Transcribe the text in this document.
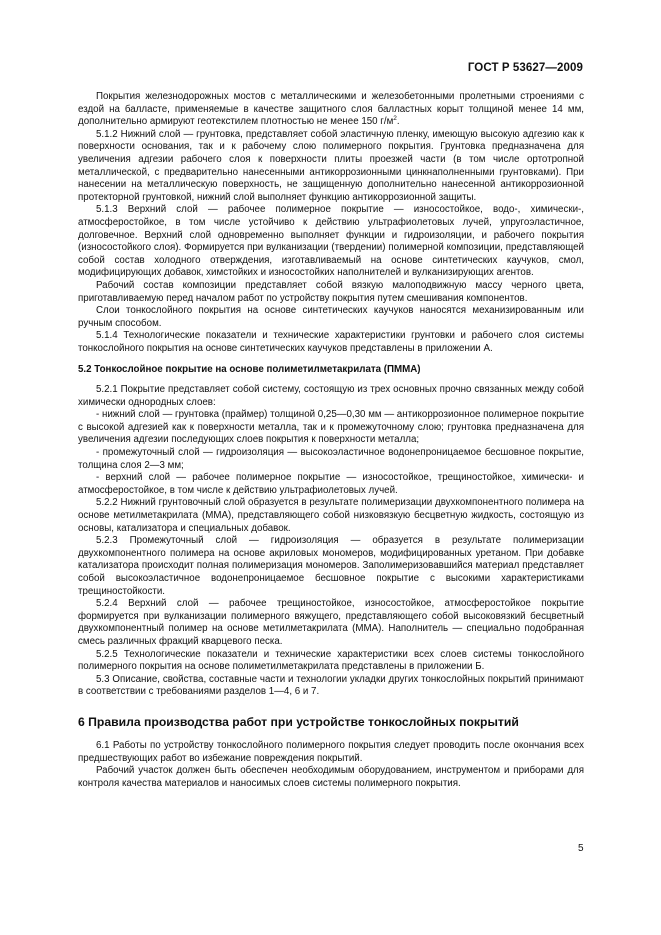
ГОСТ Р 53627—2009

Покрытия железнодорожных мостов с металлическими и железобетонными пролетными строениями с ездой на балласте, применяемые в качестве защитного слоя балластных корыт толщиной менее 14 мм, дополнительно армируют геотекстилем плотностью не менее 150 $г/м^2$.

5.1.2 Нижний слой — грунтовка, представляет собой эластичную пленку, имеющую высокую адгезию как к поверхности основания, так и к рабочему слою полимерного покрытия. Грунтовка предназначена для увеличения адгезии рабочего слоя к поверхности плиты проезжей части (в том числе ортотропной металлической, с предварительно нанесенными антикоррозионными цинкнаполненными грунтовками). При нанесении на металлическую поверхность, не защищенную дополнительно нанесенной антикоррозионной протекторной грунтовкой, нижний слой выполняет функцию антикоррозионной защиты.

5.1.3 Верхний слой — рабочее полимерное покрытие — износостойкое, водо-, химически-, атмосферостойкое, в том числе устойчиво к действию ультрафиолетовых лучей, упругоэластичное, долговечное. Верхний слой одновременно выполняет функции и гидроизоляции, и рабочего покрытия (износостойкого слоя). Формируется при вулканизации (твердении) полимерной композиции, представляющей собой состав холодного отверждения, изготавливаемый на основе синтетических каучуков, смол, модифицирующих добавок, химстойких и износостойких наполнителей и вулканизирующих агентов.

Рабочий состав композиции представляет собой вязкую малоподвижную массу черного цвета, приготавливаемую перед началом работ по устройству покрытия путем смешивания компонентов.

Слои тонкослойного покрытия на основе синтетических каучуков наносятся механизированным или ручным способом.

5.1.4 Технологические показатели и технические характеристики грунтовки и рабочего слоя системы тонкослойного покрытия на основе синтетических каучуков представлены в приложении А.

5.2 Тонкослойное покрытие на основе полиметилметакрилата (ПММА)

5.2.1 Покрытие представляет собой систему, состоящую из трех основных прочно связанных между собой химически однородных слоев:

- нижний слой — грунтовка (праймер) толщиной 0,25—0,30 мм — антикоррозионное полимерное покрытие с высокой адгезией как к поверхности металла, так и к промежуточному слою; грунтовка предназначена для увеличения адгезии последующих слоев покрытия к поверхности металла;

- промежуточный слой — гидроизоляция — высокоэластичное водонепроницаемое бесшовное покрытие, толщина слоя 2—3 мм;

- верхний слой — рабочее полимерное покрытие — износостойкое, трещиностойкое, химически- и атмосферостойкое, в том числе к действию ультрафиолетовых лучей.

5.2.2 Нижний грунтовочный слой образуется в результате полимеризации двухкомпонентного полимера на основе метилметакрилата (ММА), представляющего собой низковязкую бесцветную жидкость, состоящую из основы, катализатора и специальных добавок.

5.2.3 Промежуточный слой — гидроизоляция — образуется в результате полимеризации двухкомпонентного полимера на основе акриловых мономеров, модифицированных уретаном. При добавке катализатора происходит полная полимеризация мономеров. Заполимеризовавшийся материал представляет собой высокоэластичное водонепроницаемое бесшовное покрытие с высокими характеристиками трещиностойкости.

5.2.4 Верхний слой — рабочее трещиностойкое, износостойкое, атмосферостойкое покрытие формируется при вулканизации полимерного вяжущего, представляющего собой высоковязкий бесцветный двухкомпонентный полимер на основе метилметакрилата (ММА). Наполнитель — специально подобранная смесь различных фракций кварцевого песка.

5.2.5 Технологические показатели и технические характеристики всех слоев системы тонкослойного полимерного покрытия на основе полиметилметакрилата представлены в приложении Б.

5.3 Описание, свойства, составные части и технологии укладки других тонкослойных покрытий принимают в соответствии с требованиями разделов 1—4, 6 и 7.

6 Правила производства работ при устройстве тонкослойных покрытий

6.1 Работы по устройству тонкослойного полимерного покрытия следует проводить после окончания всех предшествующих работ во избежание повреждения покрытий.

Рабочий участок должен быть обеспечен необходимым оборудованием, инструментом и приборами для контроля качества материалов и наносимых слоев системы полимерного покрытия.

5
